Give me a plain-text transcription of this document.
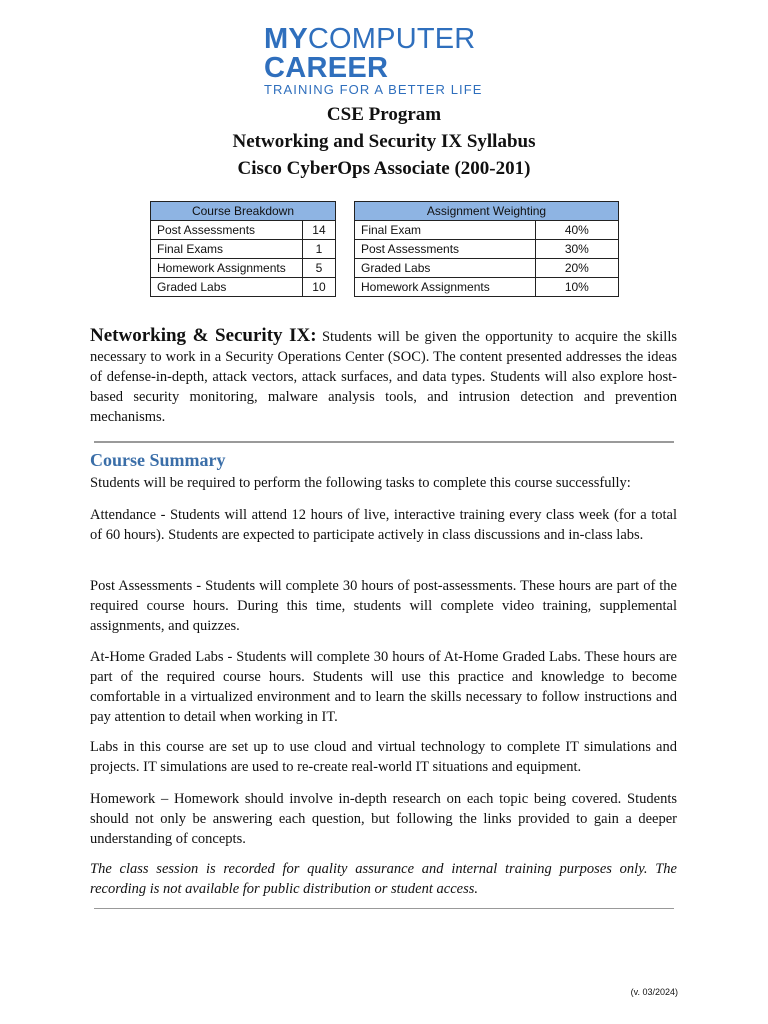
MYCOMPUTER
CAREER
TRAINING FOR A BETTER LIFE
CSE Program
Networking and Security IX Syllabus
Cisco CyberOps Associate (200-201)
Course Breakdown	
Post Assessments	14
Final Exams	1
Homework Assignments	5
Graded Labs	10
Assignment Weighting	
Final Exam	40%
Post Assessments	30%
Graded Labs	20%
Homework Assignments	10%
Networking & Security IX: Students will be given the opportunity to acquire the skills necessary to work in a Security Operations Center (SOC). The content presented addresses the ideas of defense-in-depth, attack vectors, attack surfaces, and data types. Students will also explore host-based security monitoring, malware analysis tools, and intrusion detection and prevention mechanisms.
Course Summary
Students will be required to perform the following tasks to complete this course successfully:
Attendance - Students will attend 12 hours of live, interactive training every class week (for a total of 60 hours). Students are expected to participate actively in class discussions and in-class labs.
Post Assessments - Students will complete 30 hours of post-assessments. These hours are part of the required course hours. During this time, students will complete video training, supplemental assignments, and quizzes.
At-Home Graded Labs - Students will complete 30 hours of At-Home Graded Labs. These hours are part of the required course hours. Students will use this practice and knowledge to become comfortable in a virtualized environment and to learn the skills necessary to follow instructions and pay attention to detail when working in IT.
Labs in this course are set up to use cloud and virtual technology to complete IT simulations and projects. IT simulations are used to re-create real-world IT situations and equipment.
Homework – Homework should involve in-depth research on each topic being covered. Students should not only be answering each question, but following the links provided to gain a deeper understanding of concepts.
The class session is recorded for quality assurance and internal training purposes only. The recording is not available for public distribution or student access.
(v. 03/2024)
